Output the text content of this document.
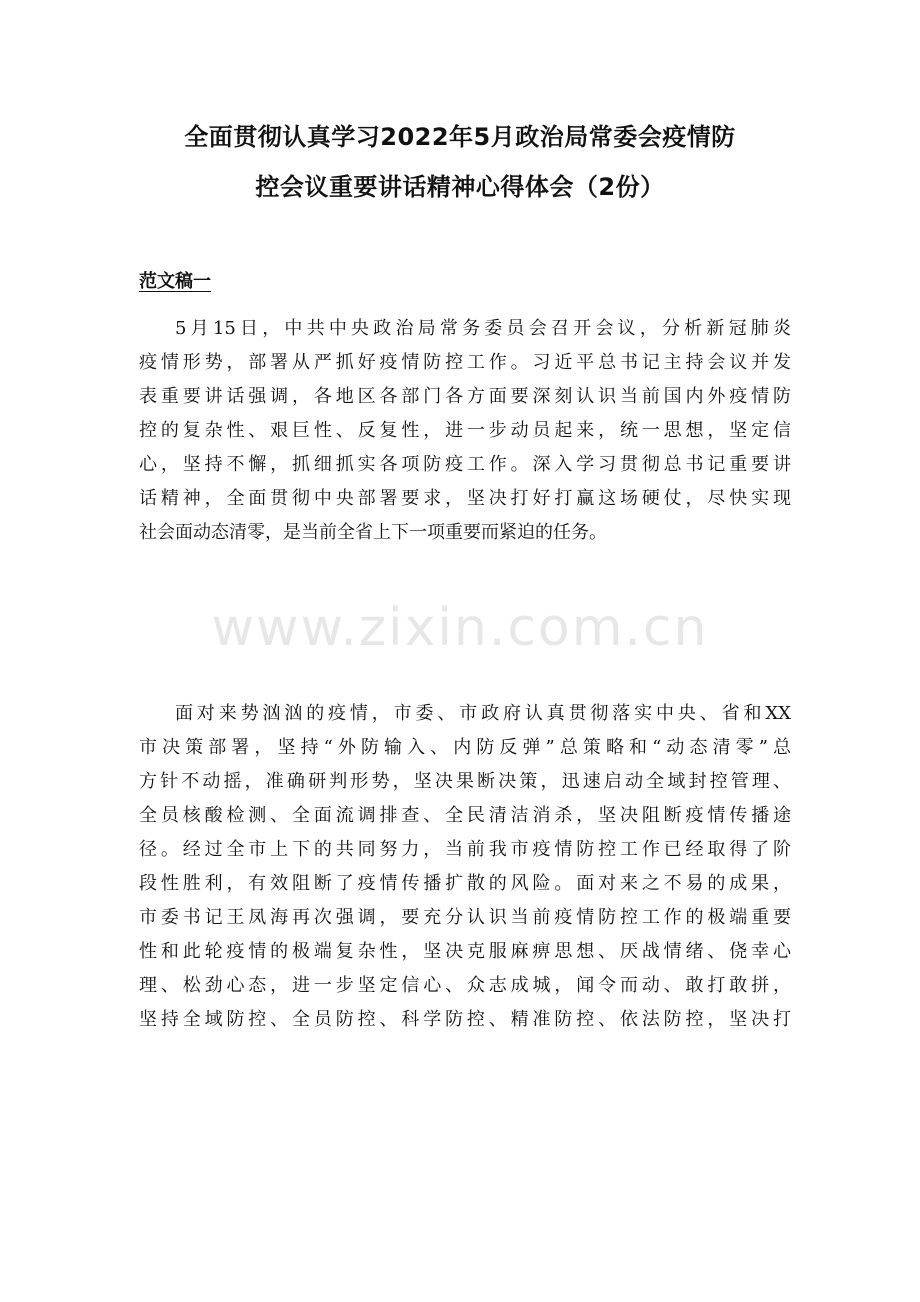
全面贯彻认真学习2022年5月政治局常委会疫情防
控会议重要讲话精神心得体会（2份）
范文稿一
5月15日，中共中央政治局常务委员会召开会议，分析新冠肺炎
疫情形势，部署从严抓好疫情防控工作。习近平总书记主持会议并发
表重要讲话强调，各地区各部门各方面要深刻认识当前国内外疫情防
控的复杂性、艰巨性、反复性，进一步动员起来，统一思想，坚定信
心，坚持不懈，抓细抓实各项防疫工作。深入学习贯彻总书记重要讲
话精神，全面贯彻中央部署要求，坚决打好打赢这场硬仗，尽快实现
社会面动态清零，是当前全省上下一项重要而紧迫的任务。
www.zixin.com.cn
面对来势汹汹的疫情，市委、市政府认真贯彻落实中央、省和XX
市决策部署，坚持“外防输入、内防反弹”总策略和“动态清零”总
方针不动摇，准确研判形势，坚决果断决策，迅速启动全域封控管理、
全员核酸检测、全面流调排查、全民清洁消杀，坚决阻断疫情传播途
径。经过全市上下的共同努力，当前我市疫情防控工作已经取得了阶
段性胜利，有效阻断了疫情传播扩散的风险。面对来之不易的成果，
市委书记王凤海再次强调，要充分认识当前疫情防控工作的极端重要
性和此轮疫情的极端复杂性，坚决克服麻痹思想、厌战情绪、侥幸心
理、松劲心态，进一步坚定信心、众志成城，闻令而动、敢打敢拼，
坚持全域防控、全员防控、科学防控、精准防控、依法防控，坚决打
